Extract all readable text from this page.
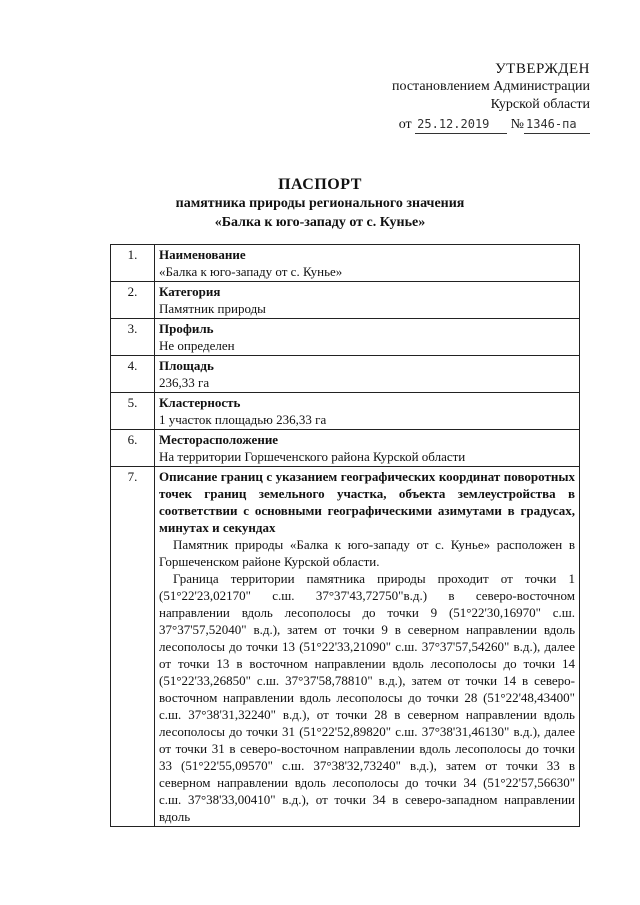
УТВЕРЖДЕН
постановлением Администрации
Курской области
от 25.12.2019 № 1346-па
ПАСПОРТ
памятника природы регионального значения
«Балка к юго-западу от с. Кунье»
1.	Наименование
«Балка к юго-западу от с. Кунье»

2.	Категория
Памятник природы

3.	Профиль
Не определен

4.	Площадь
236,33 га

5.	Кластерность
1 участок площадью 236,33 га

6.	Месторасположение
На территории Горшеченского района Курской области

7.	Описание границ с указанием географических координат поворотных точек границ земельного участка, объекта землеустройства в соответствии с основными географическими азимутами в градусах, минутах и секундах
Памятник природы «Балка к юго-западу от с. Кунье» расположен в Горшеченском районе Курской области.
Граница территории памятника природы проходит от точки 1 (51°22'23,02170" с.ш. 37°37'43,72750"в.д.) в северо-восточном направлении вдоль лесополосы до точки 9 (51°22'30,16970" с.ш. 37°37'57,52040" в.д.), затем от точки 9 в северном направлении вдоль лесополосы до точки 13 (51°22'33,21090" с.ш. 37°37'57,54260" в.д.), далее от точки 13 в восточном направлении вдоль лесополосы до точки 14 (51°22'33,26850" с.ш. 37°37'58,78810" в.д.), затем от точки 14 в северо-восточном направлении вдоль лесополосы до точки 28 (51°22'48,43400" с.ш. 37°38'31,32240" в.д.), от точки 28 в северном направлении вдоль лесополосы до точки 31 (51°22'52,89820" с.ш. 37°38'31,46130" в.д.), далее от точки 31 в северо-восточном направлении вдоль лесополосы до точки 33 (51°22'55,09570" с.ш. 37°38'32,73240" в.д.), затем от точки 33 в северном направлении вдоль лесополосы до точки 34 (51°22'57,56630" с.ш. 37°38'33,00410" в.д.), от точки 34 в северо-западном направлении вдоль
